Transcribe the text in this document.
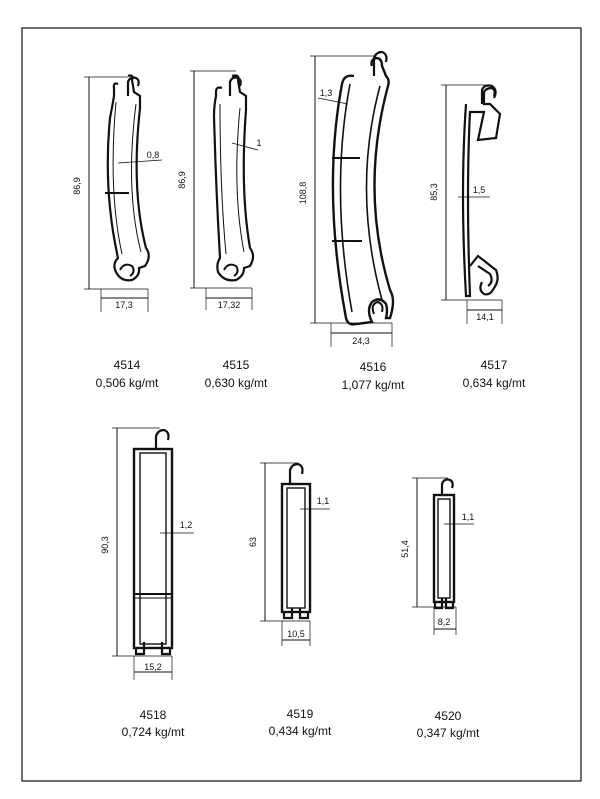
86,9
17,3
0,8
86,9
17,32
1
108,8
24,3
1,3
85,3
14,1
1,5
90,3
15,2
1,2
63
10,5
1,1
51,4
8,2
1,1
4514
0,506 kg/mt
4515
0,630 kg/mt
4516
1,077 kg/mt
4517
0,634 kg/mt
4518
0,724 kg/mt
4519
0,434 kg/mt
4520
0,347 kg/mt
